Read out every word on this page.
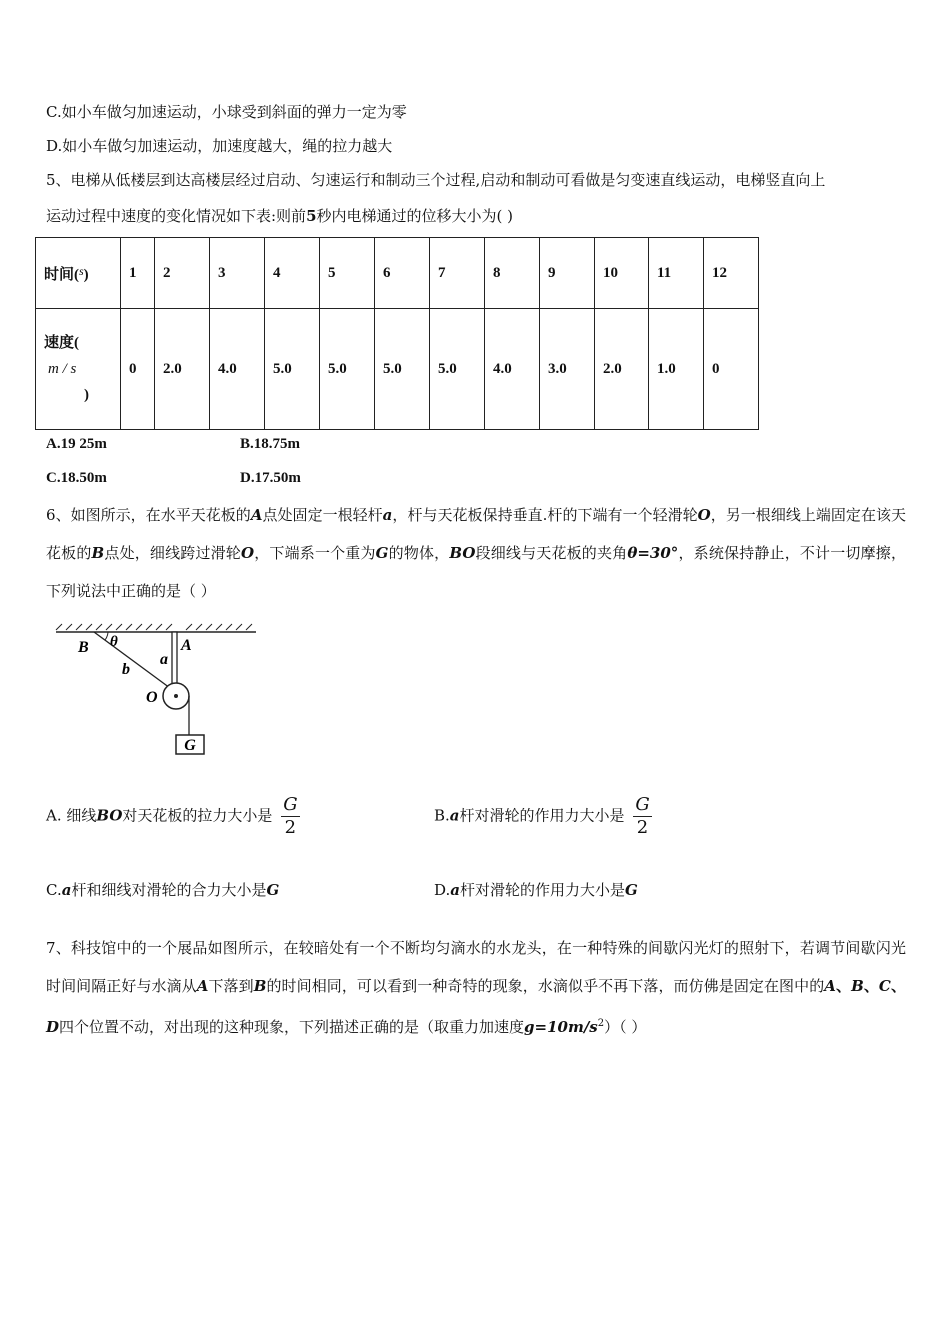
C.如小车做匀加速运动，小球受到斜面的弹力一定为零
D.如小车做匀加速运动，加速度越大，绳的拉力越大
5、电梯从低楼层到达高楼层经过启动、匀速运行和制动三个过程,启动和制动可看做是匀变速直线运动，电梯竖直向上
运动过程中速度的变化情况如下表:则前5秒内电梯通过的位移大小为( )
时间($^s$)	1	2	3	4	5	6	7	8	9	10	11	12

速度(
m / s
)	0	2.0	4.0	5.0	5.0	5.0	5.0	4.0	3.0	2.0	1.0	0
A.19 25m	B.18.75m
C.18.50m	D.17.50m
6、如图所示，在水平天花板的A点处固定一根轻杆a，杆与天花板保持垂直.杆的下端有一个轻滑轮O，另一根细线上端固定在该天花板的B点处，细线跨过滑轮O，下端系一个重为G的物体，BO段细线与天花板的夹角θ=30°，系统保持静止，不计一切摩擦，下列说法中正确的是（ ）
G
B θ	A
a
b
O
A. 细线BO对天花板的拉力大小是 $\frac{G}{2}$	B.a杆对滑轮的作用力大小是 $\frac{G}{2}$
C.a杆和细线对滑轮的合力大小是G	D.a杆对滑轮的作用力大小是G
7、科技馆中的一个展品如图所示，在较暗处有一个不断均匀滴水的水龙头，在一种特殊的间歇闪光灯的照射下，若调节间歇闪光时间间隔正好与水滴从A下落到B的时间相同，可以看到一种奇特的现象，水滴似乎不再下落，而仿佛是固定在图中的A、B、C、D四个位置不动，对出现的这种现象，下列描述正确的是（取重力加速度$g=10m/s^2$）（ ）
